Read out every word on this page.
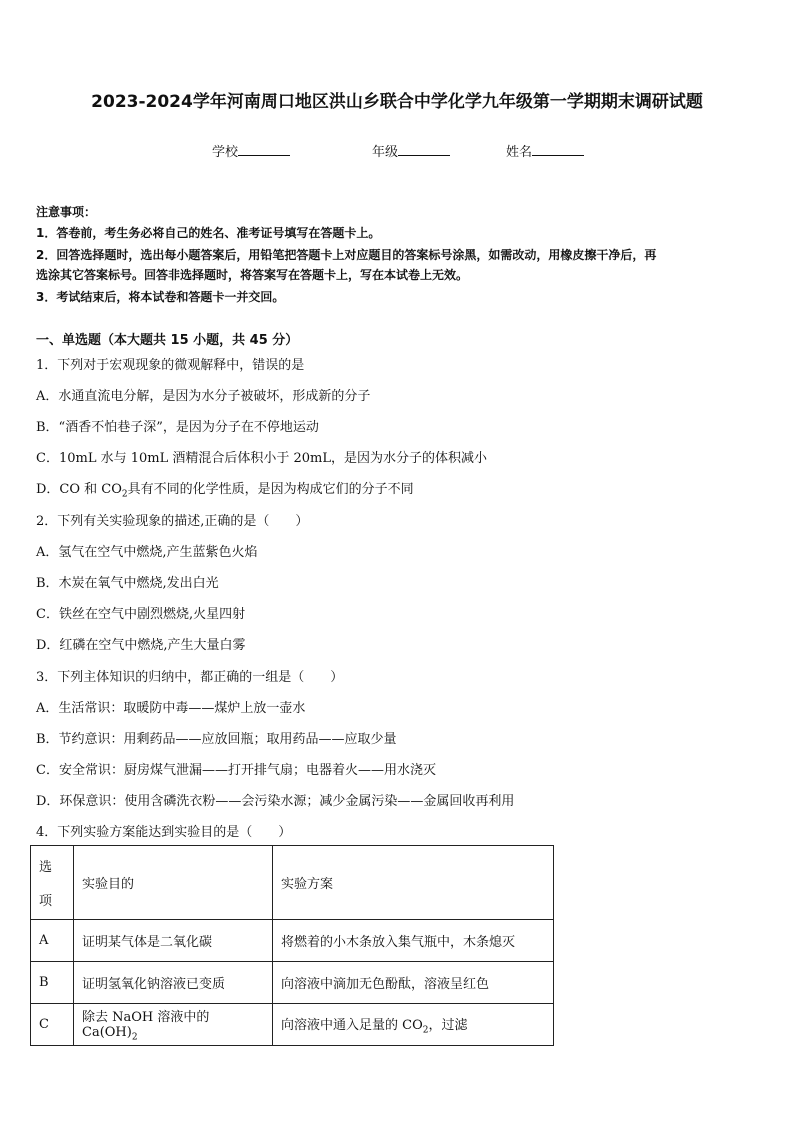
2023-2024学年河南周口地区洪山乡联合中学化学九年级第一学期期末调研试题
学校	年级	姓名
注意事项：
1．答卷前，考生务必将自己的姓名、准考证号填写在答题卡上。
2．回答选择题时，选出每小题答案后，用铅笔把答题卡上对应题目的答案标号涂黑，如需改动，用橡皮擦干净后，再
选涂其它答案标号。回答非选择题时，将答案写在答题卡上，写在本试卷上无效。
3．考试结束后，将本试卷和答题卡一并交回。
一、单选题（本大题共 15 小题，共 45 分）
1．下列对于宏观现象的微观解释中，错误的是
A．水通直流电分解，是因为水分子被破坏，形成新的分子
B．“酒香不怕巷子深”，是因为分子在不停地运动
C．10mL 水与 10mL 酒精混合后体积小于 20mL，是因为水分子的体积减小
D．CO 和 $CO_2$具有不同的化学性质，是因为构成它们的分子不同
2．下列有关实验现象的描述,正确的是（　　）
A．氢气在空气中燃烧,产生蓝紫色火焰
B．木炭在氧气中燃烧,发出白光
C．铁丝在空气中剧烈燃烧,火星四射
D．红磷在空气中燃烧,产生大量白雾
3．下列主体知识的归纳中，都正确的一组是（　　）
A．生活常识：取暖防中毒——煤炉上放一壶水
B．节约意识：用剩药品——应放回瓶；取用药品——应取少量
C．安全常识：厨房煤气泄漏——打开排气扇；电器着火——用水浇灭
D．环保意识：使用含磷洗衣粉——会污染水源；减少金属污染——金属回收再利用
4．下列实验方案能达到实验目的是（　　）
选

项	实验目的	实验方案
A	证明某气体是二氧化碳	将燃着的小木条放入集气瓶中，木条熄灭
B	证明氢氧化钠溶液已变质	向溶液中滴加无色酚酞，溶液呈红色
C	除去 NaOH 溶液中的 $Ca(OH)_2$	向溶液中通入足量的 $CO_2$，过滤
